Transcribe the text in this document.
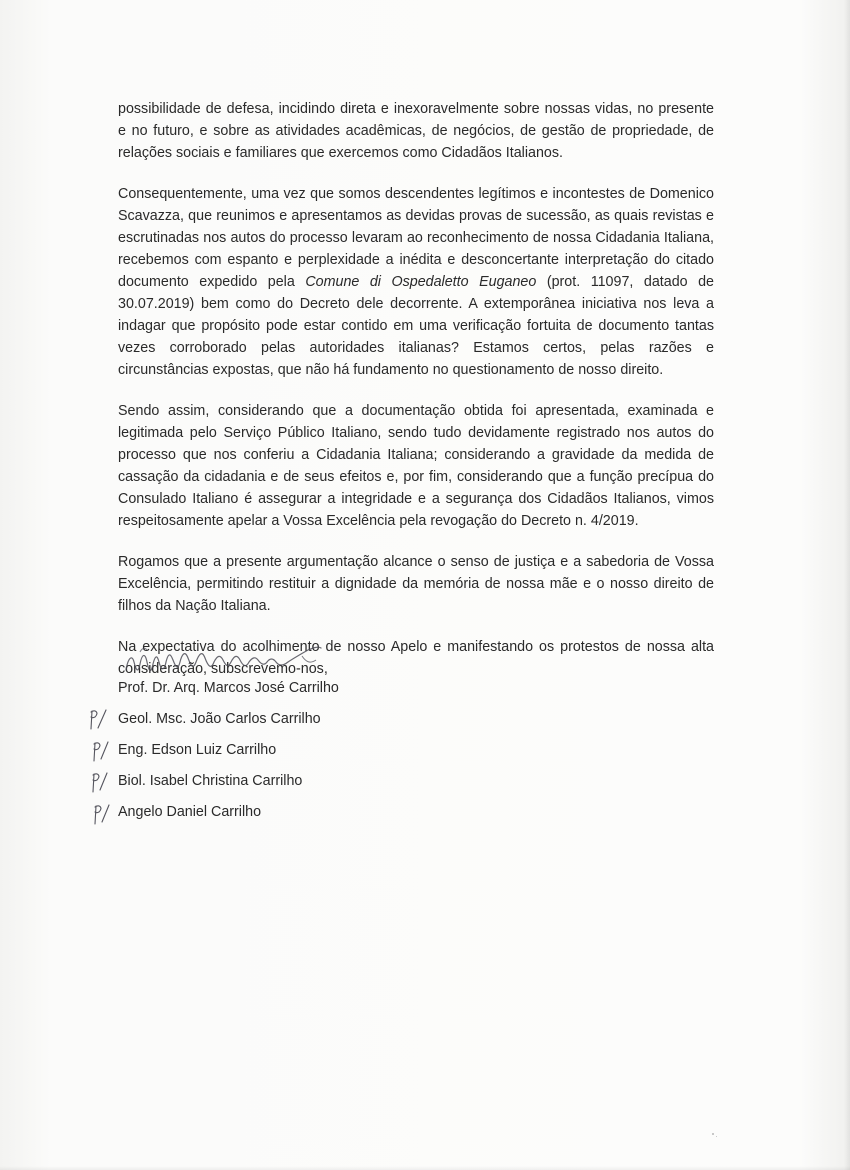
possibilidade de defesa, incidindo direta e inexoravelmente sobre nossas vidas, no presente e no futuro, e sobre as atividades acadêmicas, de negócios, de gestão de propriedade, de relações sociais e familiares que exercemos como Cidadãos Italianos.

Consequentemente, uma vez que somos descendentes legítimos e incontestes de Domenico Scavazza, que reunimos e apresentamos as devidas provas de sucessão, as quais revistas e escrutinadas nos autos do processo levaram ao reconhecimento de nossa Cidadania Italiana, recebemos com espanto e perplexidade a inédita e desconcertante interpretação do citado documento expedido pela Comune di Ospedaletto Euganeo (prot. 11097, datado de 30.07.2019) bem como do Decreto dele decorrente. A extemporânea iniciativa nos leva a indagar que propósito pode estar contido em uma verificação fortuita de documento tantas vezes corroborado pelas autoridades italianas? Estamos certos, pelas razões e circunstâncias expostas, que não há fundamento no questionamento de nosso direito.

Sendo assim, considerando que a documentação obtida foi apresentada, examinada e legitimada pelo Serviço Público Italiano, sendo tudo devidamente registrado nos autos do processo que nos conferiu a Cidadania Italiana; considerando a gravidade da medida de cassação da cidadania e de seus efeitos e, por fim, considerando que a função precípua do Consulado Italiano é assegurar a integridade e a segurança dos Cidadãos Italianos, vimos respeitosamente apelar a Vossa Excelência pela revogação do Decreto n. 4/2019.

Rogamos que a presente argumentação alcance o senso de justiça e a sabedoria de Vossa Excelência, permitindo restituir a dignidade da memória de nossa mãe e o nosso direito de filhos da Nação Italiana.

Na expectativa do acolhimento de nosso Apelo e manifestando os protestos de nossa alta consideração, subscrevemo-nos,

Prof. Dr. Arq. Marcos José Carrilho
Geol. Msc. João Carlos Carrilho
Eng. Edson Luiz Carrilho
Biol. Isabel Christina Carrilho
Angelo Daniel Carrilho
